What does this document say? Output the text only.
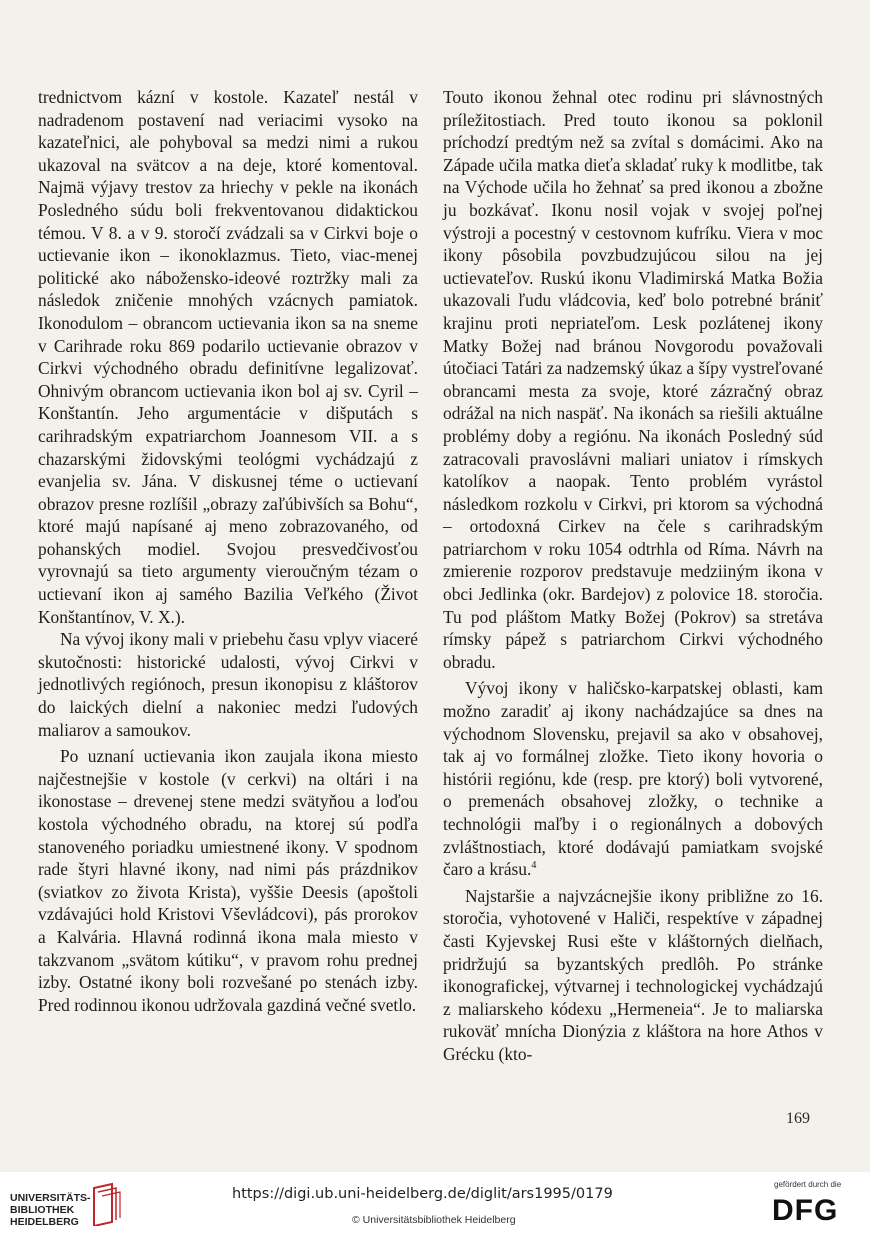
trednictvom kázní v kostole. Kazateľ nestál v nadradenom postavení nad veriacimi vysoko na kazateľnici, ale pohyboval sa medzi nimi a rukou ukazoval na svätcov a na deje, ktoré komentoval. Najmä výjavy trestov za hriechy v pekle na ikonách Posledného súdu boli frekventovanou didaktickou témou. V 8. a v 9. storočí zvádzali sa v Cirkvi boje o uctievanie ikon – ikonoklazmus. Tieto, viac-menej politické ako nábožensko-ideové roztržky mali za následok zničenie mnohých vzácnych pamiatok. Ikonodulom – obrancom uctievania ikon sa na sneme v Carihrade roku 869 podarilo uctievanie obrazov v Cirkvi východného obradu definitívne legalizovať. Ohnivým obrancom uctievania ikon bol aj sv. Cyril – Konštantín. Jeho argumentácie v dišputách s carihradským expatriarchom Joannesom VII. a s chazarskými židovskými teológmi vychádzajú z evanjelia sv. Jána. V diskusnej téme o uctievaní obrazov presne rozlíšil „obrazy zaľúbivších sa Bohu“, ktoré majú napísané aj meno zobrazovaného, od pohanských modiel. Svojou presvedčivosťou vyrovnajú sa tieto argumenty vieroučným tézam o uctievaní ikon aj samého Bazilia Veľkého (Život Konštantínov, V. X.).

Na vývoj ikony mali v priebehu času vplyv viaceré skutočnosti: historické udalosti, vývoj Cirkvi v jednotlivých regiónoch, presun ikonopisu z kláštorov do laických dielní a nakoniec medzi ľudových maliarov a samoukov.

Po uznaní uctievania ikon zaujala ikona miesto najčestnejšie v kostole (v cerkvi) na oltári i na ikonostase – drevenej stene medzi svätyňou a loďou kostola východného obradu, na ktorej sú podľa stanoveného poriadku umiestnené ikony. V spodnom rade štyri hlavné ikony, nad nimi pás prázdnikov (sviatkov zo života Krista), vyššie Deesis (apoštoli vzdávajúci hold Kristovi Vševládcovi), pás prorokov a Kalvária. Hlavná rodinná ikona mala miesto v takzvanom „svätom kútiku“, v pravom rohu prednej izby. Ostatné ikony boli rozvešané po stenách izby. Pred rodinnou ikonou udržovala gazdiná večné svetlo.

Touto ikonou žehnal otec rodinu pri slávnostných príležitostiach. Pred touto ikonou sa poklonil príchodzí predtým než sa zvítal s domácimi. Ako na Západe učila matka dieťa skladať ruky k modlitbe, tak na Východe učila ho žehnať sa pred ikonou a zbožne ju bozkávať. Ikonu nosil vojak v svojej poľnej výstroji a pocestný v cestovnom kufríku. Viera v moc ikony pôsobila povzbudzujúcou silou na jej uctievateľov. Ruskú ikonu Vladimirská Matka Božia ukazovali ľudu vládcovia, keď bolo potrebné brániť krajinu proti nepriateľom. Lesk pozlátenej ikony Matky Božej nad bránou Novgorodu považovali útočiaci Tatári za nadzemský úkaz a šípy vystreľované obrancami mesta za svoje, ktoré zázračný obraz odrážal na nich naspäť. Na ikonách sa riešili aktuálne problémy doby a regiónu. Na ikonách Posledný súd zatracovali pravoslávni maliari uniatov i rímskych katolíkov a naopak. Tento problém vyrástol následkom rozkolu v Cirkvi, pri ktorom sa východná – ortodoxná Cirkev na čele s carihradským patriarchom v roku 1054 odtrhla od Ríma. Návrh na zmierenie rozporov predstavuje medziiným ikona v obci Jedlinka (okr. Bardejov) z polovice 18. storočia. Tu pod pláštom Matky Božej (Pokrov) sa stretáva rímsky pápež s patriarchom Cirkvi východného obradu.

Vývoj ikony v haličsko-karpatskej oblasti, kam možno zaradiť aj ikony nachádzajúce sa dnes na východnom Slovensku, prejavil sa ako v obsahovej, tak aj vo formálnej zložke. Tieto ikony hovoria o histórii regiónu, kde (resp. pre ktorý) boli vytvorené, o premenách obsahovej zložky, o technike a technológii maľby i o regionálnych a dobových zvláštnostiach, ktoré dodávajú pamiatkam svojské čaro a krásu.$^4$

Najstaršie a najvzácnejšie ikony približne zo 16. storočia, vyhotovené v Haliči, respektíve v západnej časti Kyjevskej Rusi ešte v kláštorných dielňach, pridržujú sa byzantských predlôh. Po stránke ikonografickej, výtvarnej i technologickej vychádzajú z maliarskeho kódexu „Hermeneia“. Je to maliarska rukoväť mnícha Dionýzia z kláštora na hore Athos v Grécku (kto-

169
UNIVERSITÄTS-
BIBLIOTHEK
HEIDELBERG
https://digi.ub.uni-heidelberg.de/diglit/ars1995/0179
© Universitätsbibliothek Heidelberg
gefördert durch die
DFG
